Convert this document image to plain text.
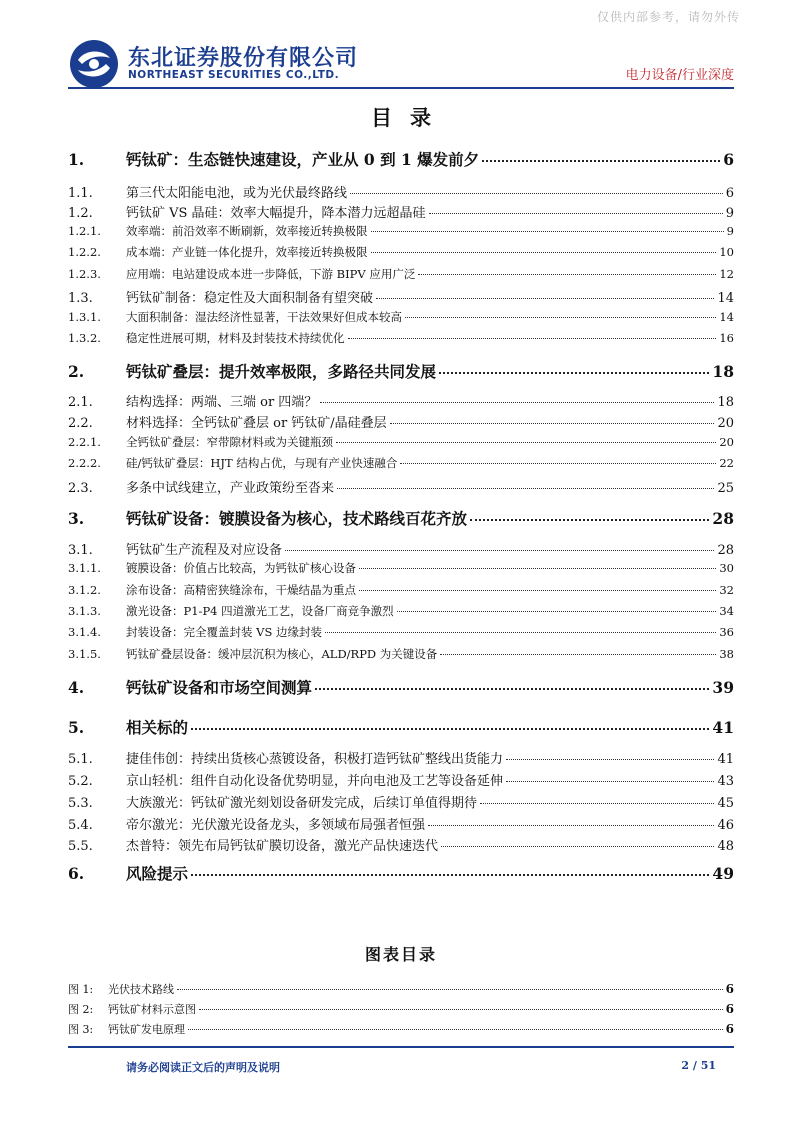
仅供内部参考，请勿外传
东北证券股份有限公司
NORTHEAST SECURITIES CO.,LTD.	电力设备/行业深度
目录
1.	钙钛矿：生态链快速建设，产业从 0 到 1 爆发前夕	6
1.1.	第三代太阳能电池，或为光伏最终路线	6
1.2.	钙钛矿 VS 晶硅：效率大幅提升，降本潜力远超晶硅	9
1.2.1.	效率端：前沿效率不断刷新，效率接近转换极限	9
1.2.2.	成本端：产业链一体化提升，效率接近转换极限	10
1.2.3.	应用端：电站建设成本进一步降低，下游 BIPV 应用广泛	12
1.3.	钙钛矿制备：稳定性及大面积制备有望突破	14
1.3.1.	大面积制备：湿法经济性显著，干法效果好但成本较高	14
1.3.2.	稳定性进展可期，材料及封装技术持续优化	16
2.	钙钛矿叠层：提升效率极限，多路径共同发展	18
2.1.	结构选择：两端、三端 or 四端？	18
2.2.	材料选择：全钙钛矿叠层 or 钙钛矿/晶硅叠层	20
2.2.1.	全钙钛矿叠层：窄带隙材料或为关键瓶颈	20
2.2.2.	硅/钙钛矿叠层：HJT 结构占优，与现有产业快速融合	22
2.3.	多条中试线建立，产业政策纷至沓来	25
3.	钙钛矿设备：镀膜设备为核心，技术路线百花齐放	28
3.1.	钙钛矿生产流程及对应设备	28
3.1.1.	镀膜设备：价值占比较高，为钙钛矿核心设备	30
3.1.2.	涂布设备：高精密狭缝涂布，干燥结晶为重点	32
3.1.3.	激光设备：P1-P4 四道激光工艺，设备厂商竞争激烈	34
3.1.4.	封装设备：完全覆盖封装 VS 边缘封装	36
3.1.5.	钙钛矿叠层设备：缓冲层沉积为核心，ALD/RPD 为关键设备	38
4.	钙钛矿设备和市场空间测算	39
5.	相关标的	41
5.1.	捷佳伟创：持续出货核心蒸镀设备，积极打造钙钛矿整线出货能力	41
5.2.	京山轻机：组件自动化设备优势明显，并向电池及工艺等设备延伸	43
5.3.	大族激光：钙钛矿激光刻划设备研发完成，后续订单值得期待	45
5.4.	帝尔激光：光伏激光设备龙头，多领域布局强者恒强	46
5.5.	杰普特：领先布局钙钛矿膜切设备，激光产品快速迭代	48
6.	风险提示	49
图表目录
图 1:	光伏技术路线	6
图 2:	钙钛矿材料示意图	6
图 3:	钙钛矿发电原理	6
请务必阅读正文后的声明及说明	2 / 51
